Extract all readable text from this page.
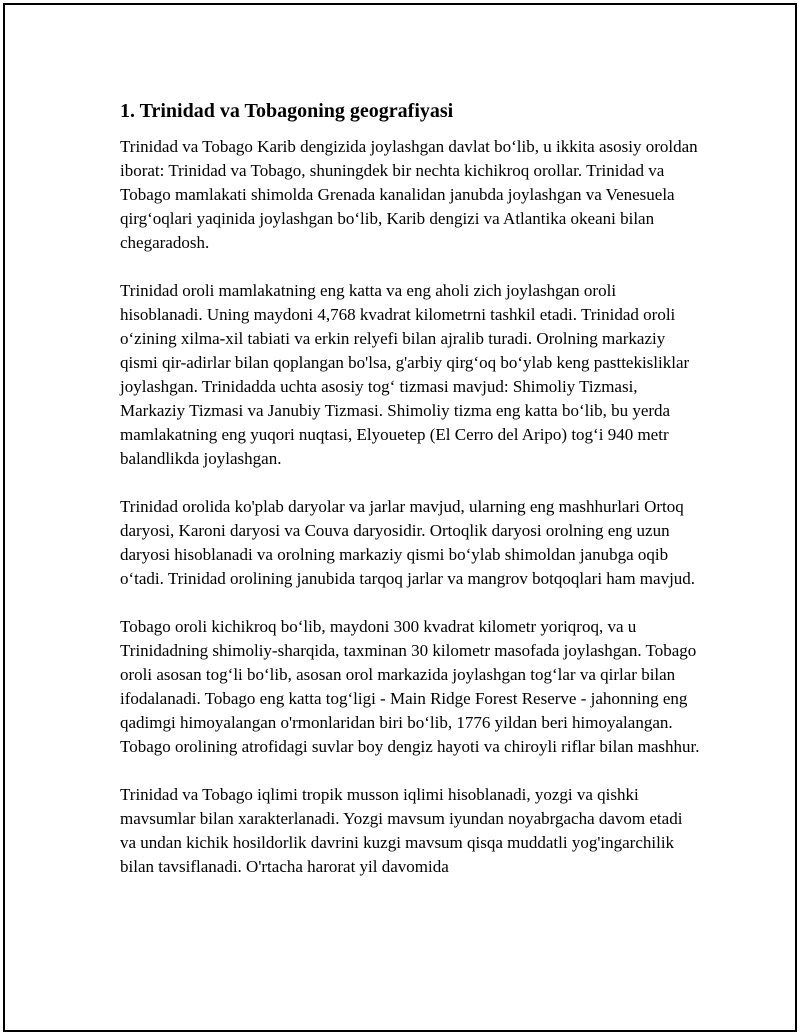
1. Trinidad va Tobagoning geografiyasi

Trinidad va Tobago Karib dengizida joylashgan davlat bo‘lib, u ikkita asosiy oroldan iborat: Trinidad va Tobago, shuningdek bir nechta kichikroq orollar. Trinidad va Tobago mamlakati shimolda Grenada kanalidan janubda joylashgan va Venesuela qirg‘oqlari yaqinida joylashgan bo‘lib, Karib dengizi va Atlantika okeani bilan chegaradosh.

Trinidad oroli mamlakatning eng katta va eng aholi zich joylashgan oroli hisoblanadi. Uning maydoni 4,768 kvadrat kilometrni tashkil etadi. Trinidad oroli o‘zining xilma-xil tabiati va erkin relyefi bilan ajralib turadi. Orolning markaziy qismi qir-adirlar bilan qoplangan bo'lsa, g'arbiy qirg‘oq bo‘ylab keng pasttekisliklar joylashgan. Trinidadda uchta asosiy tog‘ tizmasi mavjud: Shimoliy Tizmasi, Markaziy Tizmasi va Janubiy Tizmasi. Shimoliy tizma eng katta bo‘lib, bu yerda mamlakatning eng yuqori nuqtasi, Elyouetep (El Cerro del Aripo) tog‘i 940 metr balandlikda joylashgan.

Trinidad orolida ko'plab daryolar va jarlar mavjud, ularning eng mashhurlari Ortoq daryosi, Karoni daryosi va Couva daryosidir. Ortoqlik daryosi orolning eng uzun daryosi hisoblanadi va orolning markaziy qismi bo‘ylab shimoldan janubga oqib o‘tadi. Trinidad orolining janubida tarqoq jarlar va mangrov botqoqlari ham mavjud.

Tobago oroli kichikroq bo‘lib, maydoni 300 kvadrat kilometr yoriqroq, va u Trinidadning shimoliy-sharqida, taxminan 30 kilometr masofada joylashgan. Tobago oroli asosan tog‘li bo‘lib, asosan orol markazida joylashgan tog‘lar va qirlar bilan ifodalanadi. Tobago eng katta tog‘ligi - Main Ridge Forest Reserve - jahonning eng qadimgi himoyalangan o'rmonlaridan biri bo‘lib, 1776 yildan beri himoyalangan. Tobago orolining atrofidagi suvlar boy dengiz hayoti va chiroyli riflar bilan mashhur.

Trinidad va Tobago iqlimi tropik musson iqlimi hisoblanadi, yozgi va qishki mavsumlar bilan xarakterlanadi. Yozgi mavsum iyundan noyabrgacha davom etadi va undan kichik hosildorlik davrini kuzgi mavsum qisqa muddatli yog'ingarchilik bilan tavsiflanadi. O'rtacha harorat yil davomida
